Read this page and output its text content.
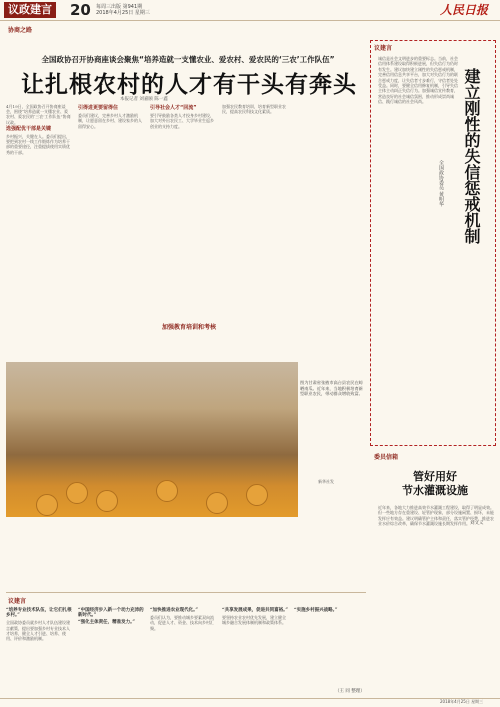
议政建言 20 每周三出版 第941期
2018年4月25日 星期三	人民日报
协商之路
全国政协召开协商座谈会聚焦“培养造就一支懂农业、爱农村、爱农民的‘三农’工作队伍”
让扎根农村的人才有干头有奔头
本报记者 刘嘉颐 陈一鑫
4月19日，全国政协召开协商座谈会，围绕“培养造就一支懂农业、爱农村、爱农民的‘三农’工作队伍”协商议政。
选强配优干部是关键
乡村振兴，关键在人。委员们提出，要把到农村一线工作锻炼作为培养干部的重要途径，注重提拔使用实绩优秀的干部。
引得进更要留得住
委员们建议，完善乡村人才激励机制，让愿意留在乡村、建设家乡的人留得安心。
引导社会人才“回流”
要引导鼓励各类人才投身乡村建设，加大对外出农民工、大学毕业生返乡创业的支持力度。
加强农民教育培训，培育新型职业农民，提高农民科技文化素质。
加强教育培训和考核
图为甘肃省张掖市高台县农民在晾晒南瓜。近年来，当地积极培育新型职业农民，带动群众增收致富。
新华社发
议建言
建立刚性的失信惩戒机制
全国政协委员 黄明华
诚信是社会文明进步的重要标志。当前，社会信用体系建设取得积极进展，但失信行为仍时有发生。建议加快建立刚性的失信惩戒机制，完善信用信息共享平台，加大对失信行为的联合惩戒力度，让失信者寸步难行，守信者处处受益。同时，要健全信用修复机制，引导失信主体主动纠正失信行为。加强诚信宣传教育，营造良好的社会诚信氛围，推动形成崇尚诚信、践行诚信的社会风尚。
委员信箱
管好用好
节水灌溉设施
近年来，各地大力推进高效节水灌溉工程建设，取得了明显成效。但一些地方存在重建设、轻管护现象，部分设施闲置、损坏，未能发挥应有效益。建议明确管护主体和责任，落实管护经费，推进农业水价综合改革，确保节水灌溉设施长期发挥作用。 刘文义
议建言
“培养专业技术队伍，让它们扎根乡村。”
全国政协委员就乡村人才队伍建设建言献策，提出要加强乡村专业技术人才培养，健全人才引进、培养、使用、评价和激励机制。
“中国经济步入新一个动力充沛的新时代。”
“强化主体责任，精准发力。”
“加快推进农业现代化。”
委员们认为，要推动城乡要素双向流动，促进人才、资金、技术向乡村汇聚。
“共享发展成果，促进共同富裕。”
要坚持农业农村优先发展，建立健全城乡融合发展体制机制和政策体系。
“实施乡村振兴战略。”
（王 同 整理）
2018年4月25日 星期三
